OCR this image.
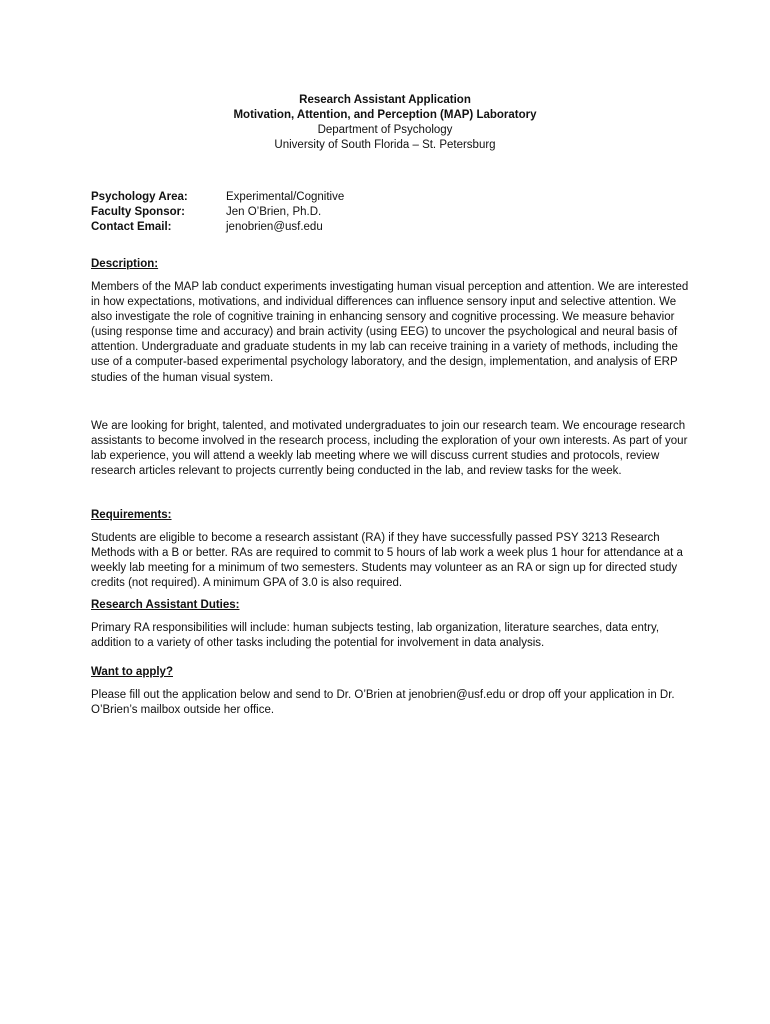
Research Assistant Application
Motivation, Attention, and Perception (MAP) Laboratory
Department of Psychology
University of South Florida – St. Petersburg
Psychology Area:	Experimental/Cognitive
Faculty Sponsor:	Jen O’Brien, Ph.D.
Contact Email:	jenobrien@usf.edu
Description:

Members of the MAP lab conduct experiments investigating human visual perception and attention. We are interested in how expectations, motivations, and individual differences can influence sensory input and selective attention. We also investigate the role of cognitive training in enhancing sensory and cognitive processing. We measure behavior (using response time and accuracy) and brain activity (using EEG) to uncover the psychological and neural basis of attention. Undergraduate and graduate students in my lab can receive training in a variety of methods, including the use of a computer-based experimental psychology laboratory, and the design, implementation, and analysis of ERP studies of the human visual system.

We are looking for bright, talented, and motivated undergraduates to join our research team. We encourage research assistants to become involved in the research process, including the exploration of your own interests. As part of your lab experience, you will attend a weekly lab meeting where we will discuss current studies and protocols, review research articles relevant to projects currently being conducted in the lab, and review tasks for the week.

Requirements:

Students are eligible to become a research assistant (RA) if they have successfully passed PSY 3213 Research Methods with a B or better. RAs are required to commit to 5 hours of lab work a week plus 1 hour for attendance at a weekly lab meeting for a minimum of two semesters. Students may volunteer as an RA or sign up for directed study credits (not required). A minimum GPA of 3.0 is also required.

Research Assistant Duties:

Primary RA responsibilities will include: human subjects testing, lab organization, literature searches, data entry, addition to a variety of other tasks including the potential for involvement in data analysis.

Want to apply?

Please fill out the application below and send to Dr. O’Brien at jenobrien@usf.edu or drop off your application in Dr. O’Brien’s mailbox outside her office.
